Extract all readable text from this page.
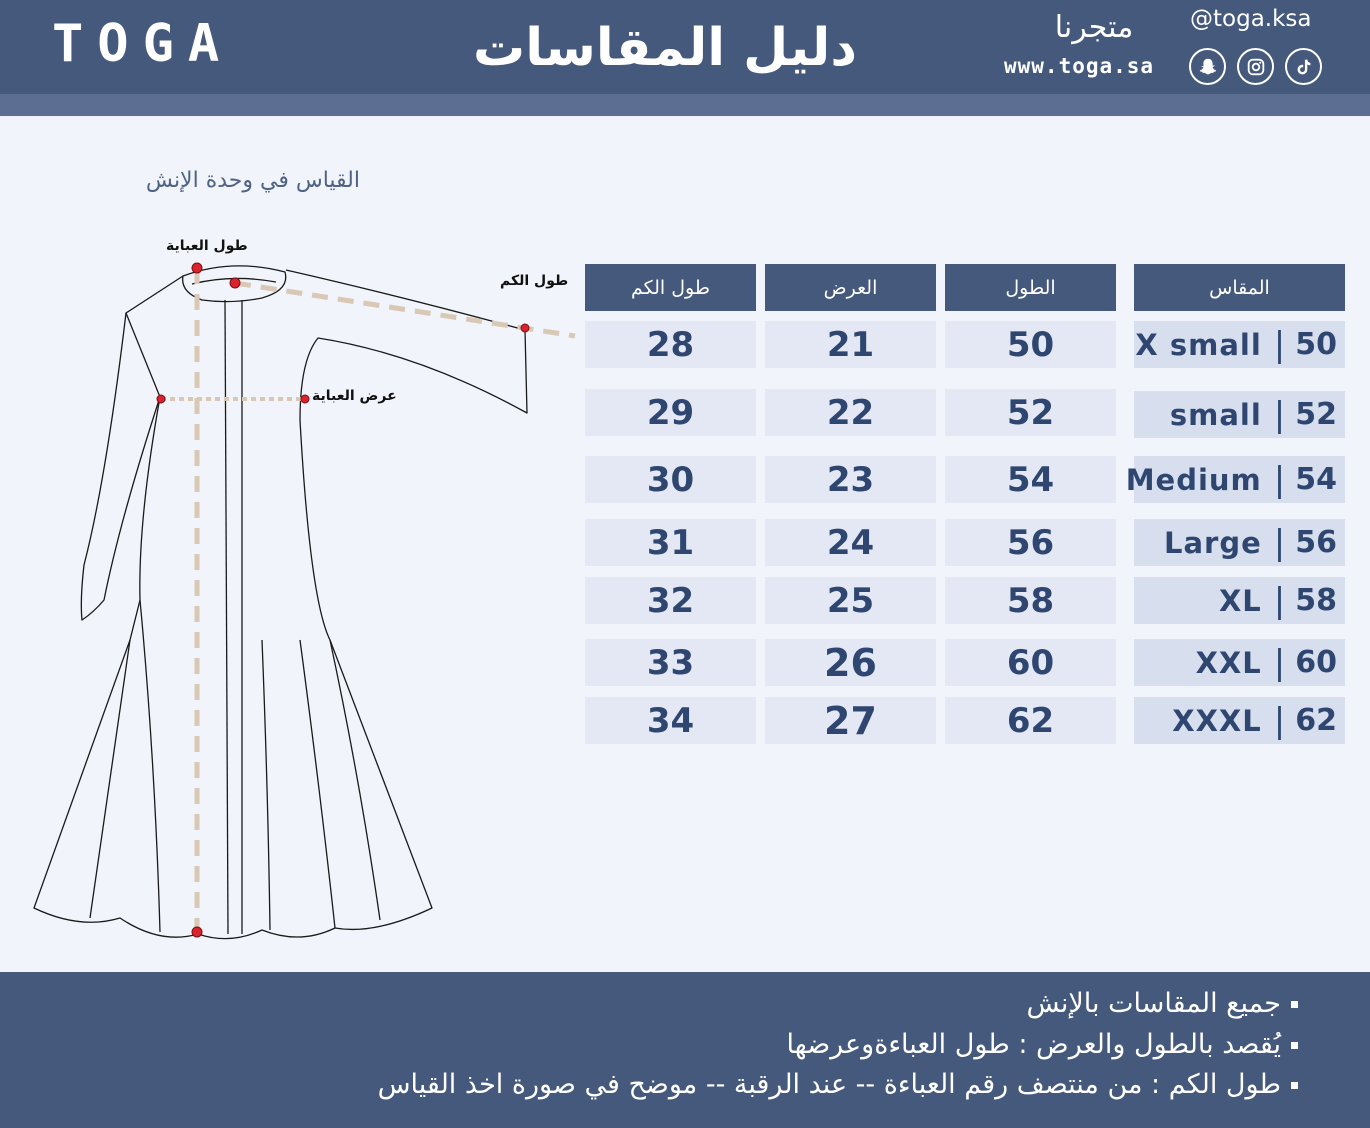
TOGA	دليل المقاسات	متجرنا
www.toga.sa
@toga.ksa
القياس في وحدة الإنش
طول العباية
طول الكم
عرض العباية
طول الكم	العرض	الطول	المقاس
28	21	50	X small | 50
29	22	52	small | 52
30	23	54	Medium | 54
31	24	56	Large | 56
32	25	58	XL | 58
33	26	60	XXL | 60
34	27	62	XXXL | 62
جميع المقاسات بالإنش
يُقصد بالطول والعرض : طول العباءةوعرضها
طول الكم : من منتصف رقم العباءة -- عند الرقبة -- موضح في صورة اخذ القياس
